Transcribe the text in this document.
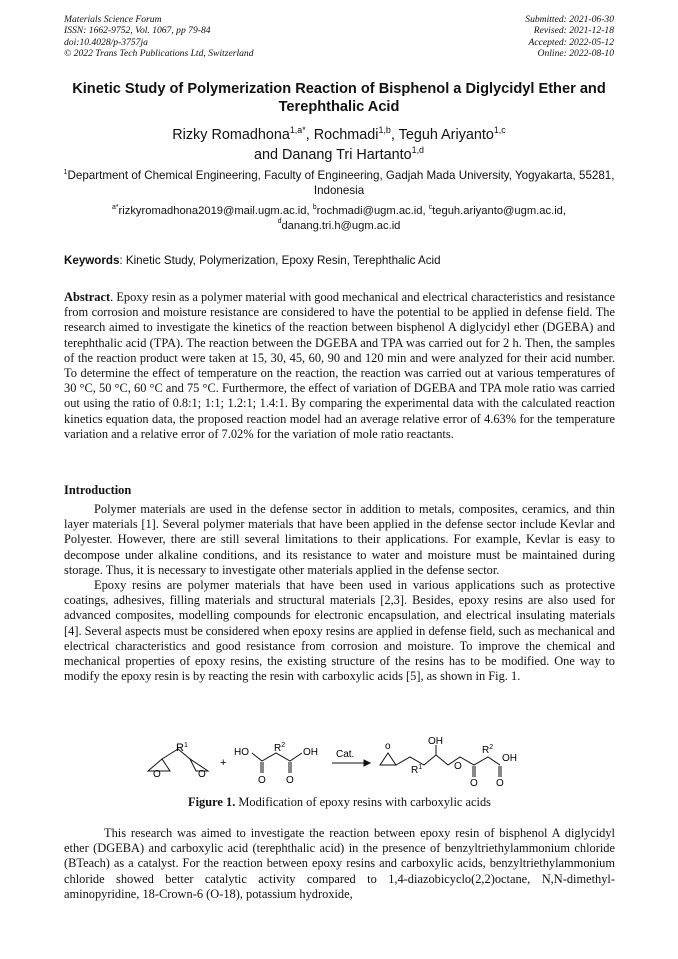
Materials Science Forum
ISSN: 1662-9752, Vol. 1067, pp 79-84
doi:10.4028/p-3757ja
© 2022 Trans Tech Publications Ltd, Switzerland
Submitted: 2021-06-30
Revised: 2021-12-18
Accepted: 2022-05-12
Online: 2022-08-10
Kinetic Study of Polymerization Reaction of Bisphenol a Diglycidyl Ether and Terephthalic Acid
Rizky Romadhona$^{1,a*}$, Rochmadi$^{1,b}$, Teguh Ariyanto$^{1,c}$
and Danang Tri Hartanto$^{1,d}$
$^1$Department of Chemical Engineering, Faculty of Engineering, Gadjah Mada University, Yogyakarta, 55281, Indonesia
$^{a*}$rizkyromadhona2019@mail.ugm.ac.id, $^b$rochmadi@ugm.ac.id, $^c$teguh.ariyanto@ugm.ac.id,
$^d$danang.tri.h@ugm.ac.id
Keywords: Kinetic Study, Polymerization, Epoxy Resin, Terephthalic Acid
Abstract. Epoxy resin as a polymer material with good mechanical and electrical characteristics and resistance from corrosion and moisture resistance are considered to have the potential to be applied in defense field. The research aimed to investigate the kinetics of the reaction between bisphenol A diglycidyl ether (DGEBA) and terephthalic acid (TPA). The reaction between the DGEBA and TPA was carried out for 2 h. Then, the samples of the reaction product were taken at 15, 30, 45, 60, 90 and 120 min and were analyzed for their acid number. To determine the effect of temperature on the reaction, the reaction was carried out at various temperatures of 30 °C, 50 °C, 60 °C and 75 °C. Furthermore, the effect of variation of DGEBA and TPA mole ratio was carried out using the ratio of 0.8:1; 1:1; 1.2:1; 1.4:1. By comparing the experimental data with the calculated reaction kinetics equation data, the proposed reaction model had an average relative error of 4.63% for the temperature variation and a relative error of 7.02% for the variation of mole ratio reactants.
Introduction

Polymer materials are used in the defense sector in addition to metals, composites, ceramics, and thin layer materials [1]. Several polymer materials that have been applied in the defense sector include Kevlar and Polyester. However, there are still several limitations to their applications. For example, Kevlar is easy to decompose under alkaline conditions, and its resistance to water and moisture must be maintained during storage. Thus, it is necessary to investigate other materials applied in the defense sector.

Epoxy resins are polymer materials that have been used in various applications such as protective coatings, adhesives, filling materials and structural materials [2,3]. Besides, epoxy resins are also used for advanced composites, modelling compounds for electronic encapsulation, and electrical insulating materials [4]. Several aspects must be considered when epoxy resins are applied in defense field, such as mechanical and electrical characteristics and good resistance from corrosion and moisture. To improve the chemical and mechanical properties of epoxy resins, the existing structure of the resins has to be modified. One way to modify the epoxy resin is by reacting the resin with carboxylic acids [5], as shown in Fig. 1.

$R^1$
O	O
+
HO	$R^2$
OH
O O
Cat.
o	OH
$R^1$	O
$R^2$
OH
O O
Figure 1. Modification of epoxy resins with carboxylic acids

This research was aimed to investigate the reaction between epoxy resin of bisphenol A diglycidyl ether (DGEBA) and carboxylic acid (terephthalic acid) in the presence of benzyltriethylammonium chloride (BTeach) as a catalyst. For the reaction between epoxy resins and carboxylic acids, benzyltriethylammonium chloride showed better catalytic activity compared to 1,4-diazobicyclo(2,2)octane, N,N-dimethyl-aminopyridine, 18-Crown-6 (O-18), potassium hydroxide,
